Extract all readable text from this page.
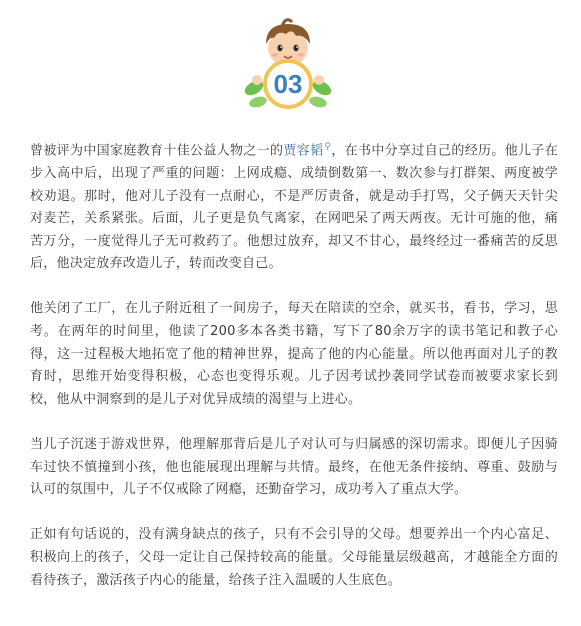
03

曾被评为中国家庭教育十佳公益人物之一的贾容韬⚲，在书中分享过自己的经历。他儿子在步入高中后，出现了严重的问题：上网成瘾、成绩倒数第一、数次参与打群架、两度被学校劝退。那时，他对儿子没有一点耐心，不是严厉责备，就是动手打骂，父子俩天天针尖对麦芒，关系紧张。后面，儿子更是负气离家，在网吧呆了两天两夜。无计可施的他，痛苦万分，一度觉得儿子无可救药了。他想过放弃，却又不甘心，最终经过一番痛苦的反思后，他决定放弃改造儿子，转而改变自己。

他关闭了工厂，在儿子附近租了一间房子，每天在陪读的空余，就买书，看书，学习，思考。在两年的时间里，他读了200多本各类书籍，写下了80余万字的读书笔记和教子心得，这一过程极大地拓宽了他的精神世界，提高了他的内心能量。所以他再面对儿子的教育时，思维开始变得积极，心态也变得乐观。儿子因考试抄袭同学试卷而被要求家长到校，他从中洞察到的是儿子对优异成绩的渴望与上进心。

当儿子沉迷于游戏世界，他理解那背后是儿子对认可与归属感的深切需求。即便儿子因骑车过快不慎撞到小孩，他也能展现出理解与共情。最终，在他无条件接纳、尊重、鼓励与认可的氛围中，儿子不仅戒除了网瘾，还勤奋学习，成功考入了重点大学。

正如有句话说的，没有满身缺点的孩子，只有不会引导的父母。想要养出一个内心富足、积极向上的孩子，父母一定让自己保持较高的能量。父母能量层级越高，才越能全方面的看待孩子，激活孩子内心的能量，给孩子注入温暖的人生底色。
